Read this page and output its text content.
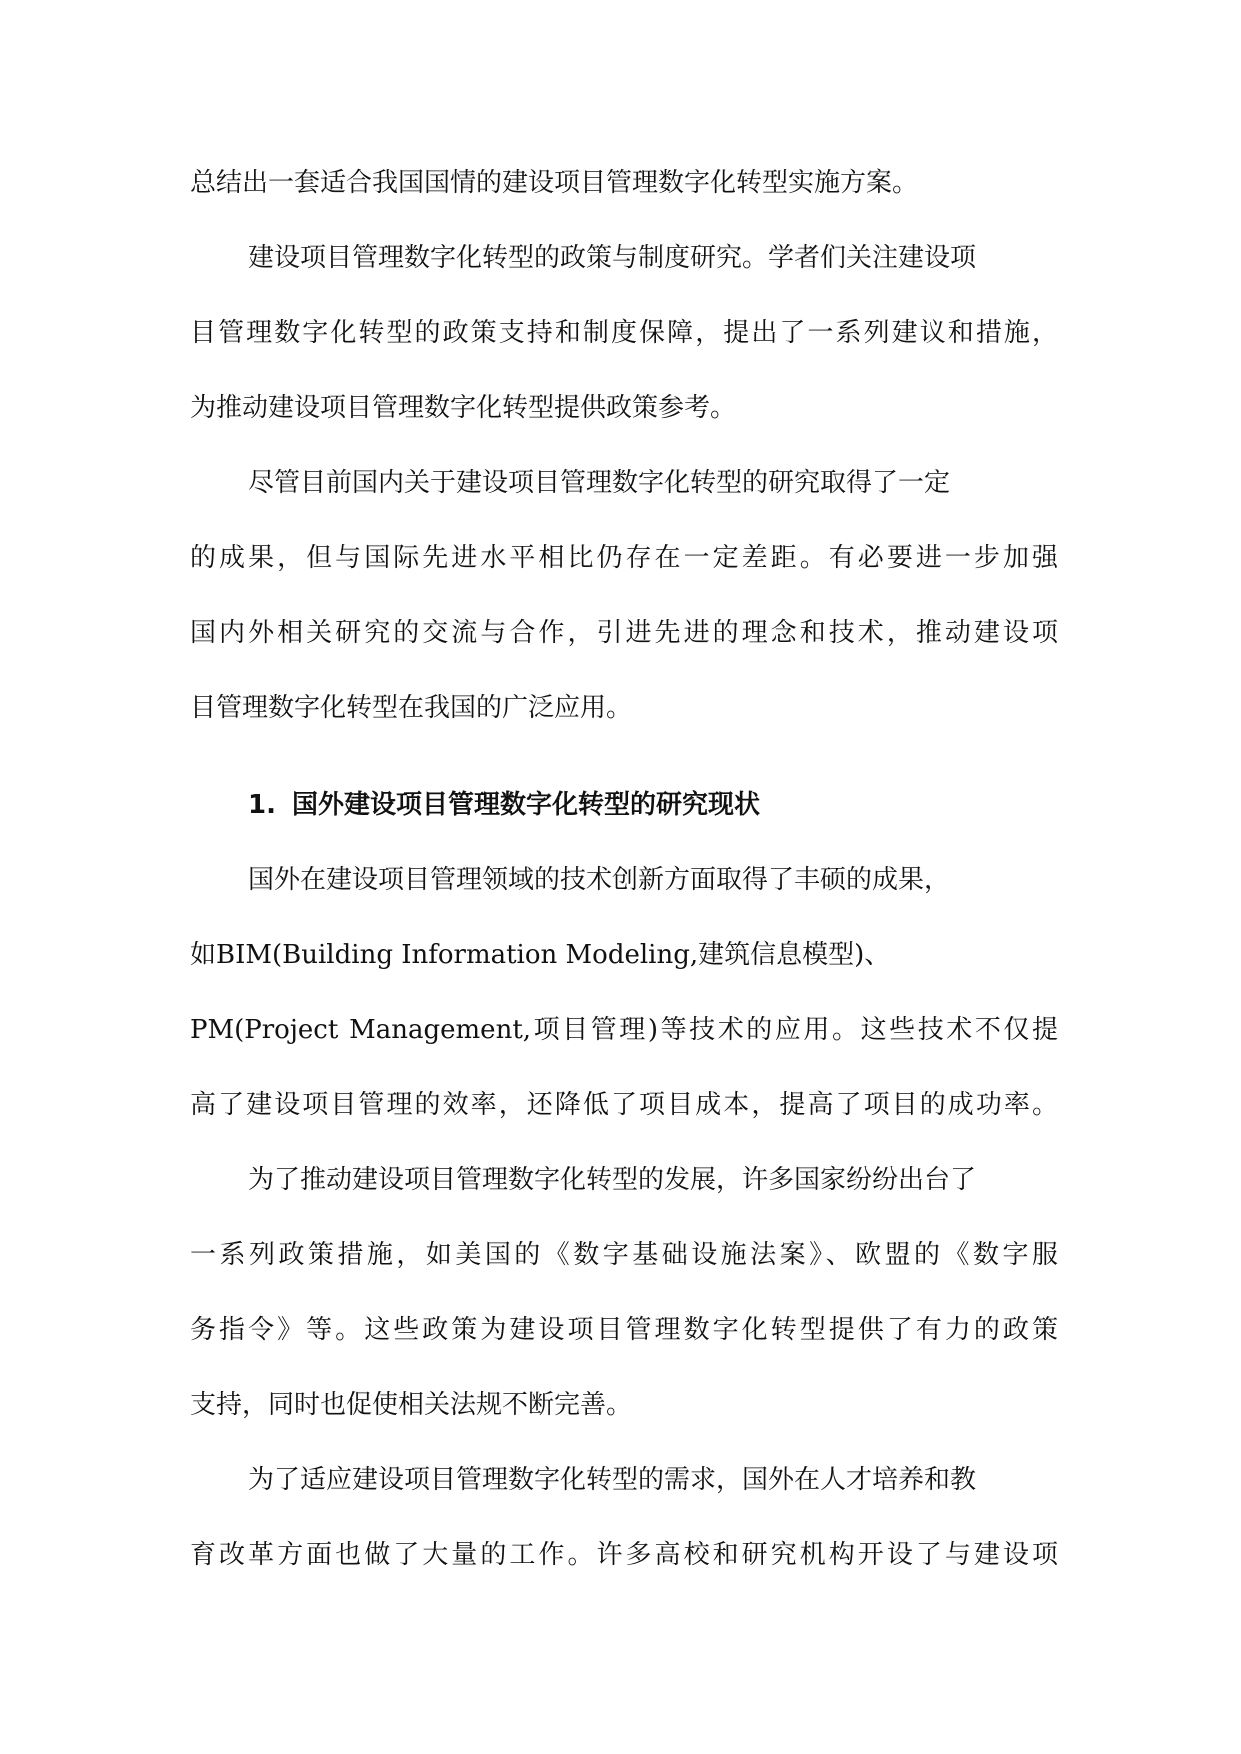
总结出一套适合我国国情的建设项目管理数字化转型实施方案。
建设项目管理数字化转型的政策与制度研究。学者们关注建设项
目管理数字化转型的政策支持和制度保障，提出了一系列建议和措施，
为推动建设项目管理数字化转型提供政策参考。
尽管目前国内关于建设项目管理数字化转型的研究取得了一定
的成果，但与国际先进水平相比仍存在一定差距。有必要进一步加强
国内外相关研究的交流与合作，引进先进的理念和技术，推动建设项
目管理数字化转型在我国的广泛应用。
1. 国外建设项目管理数字化转型的研究现状
国外在建设项目管理领域的技术创新方面取得了丰硕的成果，
如BIM(Building Information Modeling,建筑信息模型)、
PM(Project Management,项目管理)等技术的应用。这些技术不仅提
高了建设项目管理的效率，还降低了项目成本，提高了项目的成功率。
为了推动建设项目管理数字化转型的发展，许多国家纷纷出台了
一系列政策措施，如美国的《数字基础设施法案》、欧盟的《数字服
务指令》等。这些政策为建设项目管理数字化转型提供了有力的政策
支持，同时也促使相关法规不断完善。
为了适应建设项目管理数字化转型的需求，国外在人才培养和教
育改革方面也做了大量的工作。许多高校和研究机构开设了与建设项
